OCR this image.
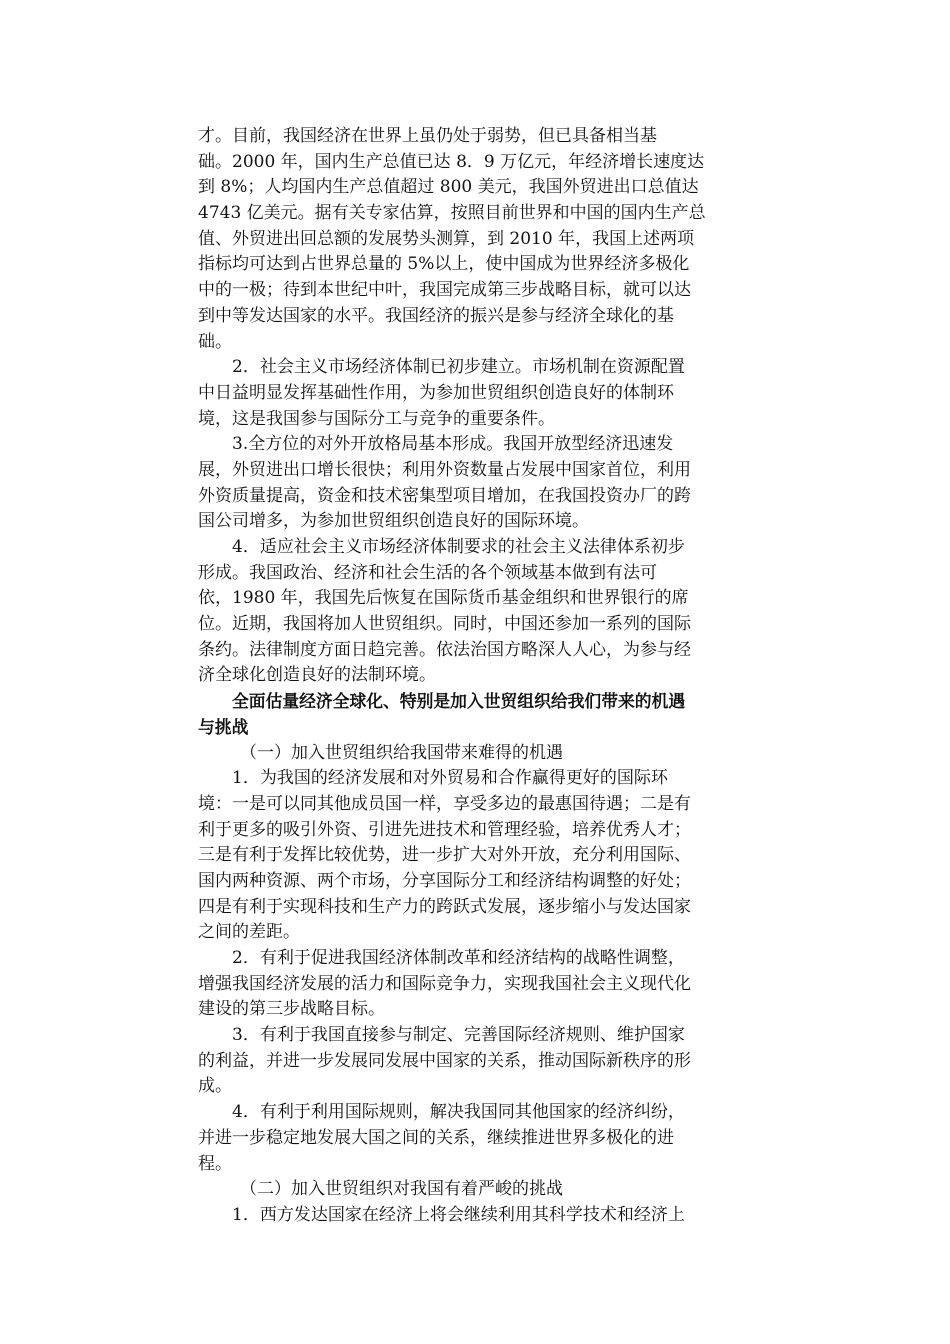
才。目前，我国经济在世界上虽仍处于弱势，但已具备相当基
础。2000 年，国内生产总值已达 8．9 万亿元，年经济增长速度达
到 8%；人均国内生产总值超过 800 美元，我国外贸进出口总值达
4743 亿美元。据有关专家估算，按照目前世界和中国的国内生产总
值、外贸进出回总额的发展势头测算，到 2010 年，我国上述两项
指标均可达到占世界总量的 5%以上，使中国成为世界经济多极化
中的一极；待到本世纪中叶，我国完成第三步战略目标，就可以达
到中等发达国家的水平。我国经济的振兴是参与经济全球化的基
础。
2．社会主义市场经济体制已初步建立。市场机制在资源配置
中日益明显发挥基础性作用，为参加世贸组织创造良好的体制环
境，这是我国参与国际分工与竞争的重要条件。
3.全方位的对外开放格局基本形成。我国开放型经济迅速发
展，外贸进出口增长很快；利用外资数量占发展中国家首位，利用
外资质量提高，资金和技术密集型项目增加，在我国投资办厂的跨
国公司增多，为参加世贸组织创造良好的国际环境。
4．适应社会主义市场经济体制要求的社会主义法律体系初步
形成。我国政治、经济和社会生活的各个领域基本做到有法可
依，1980 年，我国先后恢复在国际货币基金组织和世界银行的席
位。近期，我国将加人世贸组织。同时，中国还参加一系列的国际
条约。法律制度方面日趋完善。依法治国方略深人人心，为参与经
济全球化创造良好的法制环境。
全面估量经济全球化、特别是加入世贸组织给我们带来的机遇
与挑战
（一）加入世贸组织给我国带来难得的机遇
1．为我国的经济发展和对外贸易和合作赢得更好的国际环
境：一是可以同其他成员国一样，享受多边的最惠国待遇；二是有
利于更多的吸引外资、引进先进技术和管理经验，培养优秀人才；
三是有利于发挥比较优势，进一步扩大对外开放，充分利用国际、
国内两种资源、两个市场，分享国际分工和经济结构调整的好处；
四是有利于实现科技和生产力的跨跃式发展，逐步缩小与发达国家
之间的差距。
2．有利于促进我国经济体制改革和经济结构的战略性调整，
增强我国经济发展的活力和国际竞争力，实现我国社会主义现代化
建设的第三步战略目标。
3．有利于我国直接参与制定、完善国际经济规则、维护国家
的利益，并进一步发展同发展中国家的关系，推动国际新秩序的形
成。
4．有利于利用国际规则，解决我国同其他国家的经济纠纷，
并进一步稳定地发展大国之间的关系，继续推进世界多极化的进
程。
（二）加入世贸组织对我国有着严峻的挑战
1．西方发达国家在经济上将会继续利用其科学技术和经济上
